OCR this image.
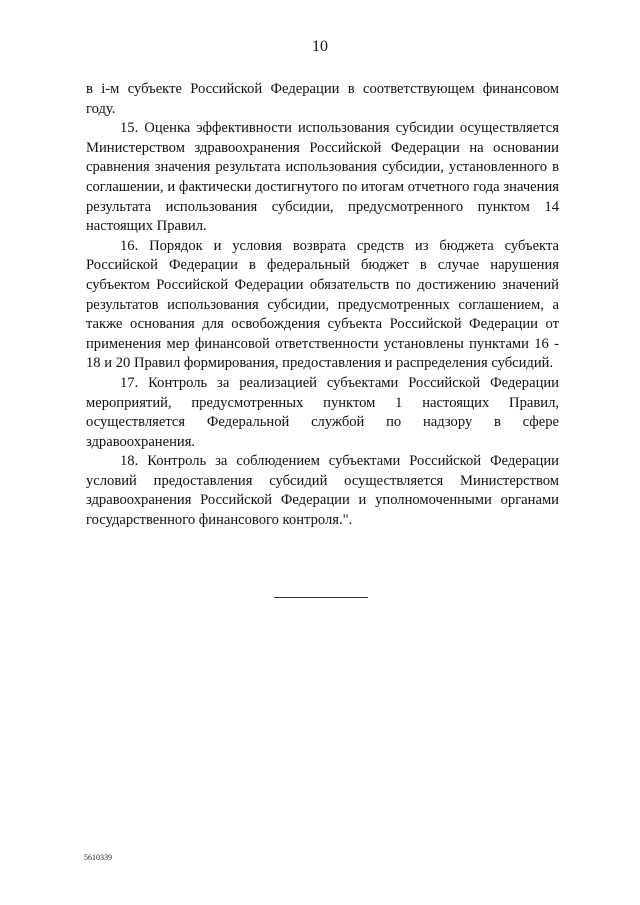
10

в i-м субъекте Российской Федерации в соответствующем финансовом году.

15. Оценка эффективности использования субсидии осуществляется Министерством здравоохранения Российской Федерации на основании сравнения значения результата использования субсидии, установленного в соглашении, и фактически достигнутого по итогам отчетного года значения результата использования субсидии, предусмотренного пунктом 14 настоящих Правил.

16. Порядок и условия возврата средств из бюджета субъекта Российской Федерации в федеральный бюджет в случае нарушения субъектом Российской Федерации обязательств по достижению значений результатов использования субсидии, предусмотренных соглашением, а также основания для освобождения субъекта Российской Федерации от применения мер финансовой ответственности установлены пунктами 16 - 18 и 20 Правил формирования, предоставления и распределения субсидий.

17. Контроль за реализацией субъектами Российской Федерации мероприятий, предусмотренных пунктом 1 настоящих Правил, осуществляется Федеральной службой по надзору в сфере здравоохранения.

18. Контроль за соблюдением субъектами Российской Федерации условий предоставления субсидий осуществляется Министерством здравоохранения Российской Федерации и уполномоченными органами государственного финансового контроля.".

5610339
